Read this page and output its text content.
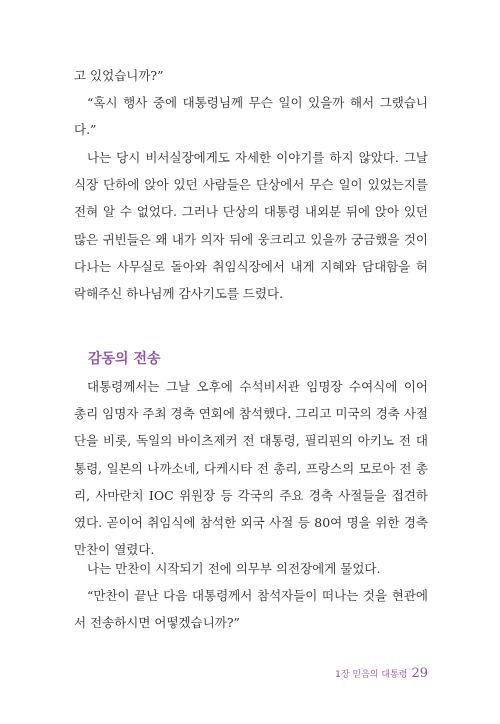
고 있었습니까?”

“혹시 행사 중에 대통령님께 무슨 일이 있을까 해서 그랬습니다.”

나는 당시 비서실장에게도 자세한 이야기를 하지 않았다. 그날 식장 단하에 앉아 있던 사람들은 단상에서 무슨 일이 있었는지를 전혀 알 수 없었다. 그러나 단상의 대통령 내외분 뒤에 앉아 있던 많은 귀빈들은 왜 내가 의자 뒤에 웅크리고 있을까 궁금했을 것이다.

나는 사무실로 돌아와 취임식장에서 내게 지혜와 담대함을 허락해주신 하나님께 감사기도를 드렸다.

감동의 전송

대통령께서는 그날 오후에 수석비서관 임명장 수여식에 이어 총리 임명자 주최 경축 연회에 참석했다. 그리고 미국의 경축 사절단을 비롯, 독일의 바이츠제커 전 대통령, 필리핀의 아키노 전 대통령, 일본의 나까소네, 다케시타 전 총리, 프랑스의 모로아 전 총리, 사마란치 IOC 위원장 등 각국의 주요 경축 사절들을 접견하였다. 곧이어 취임식에 참석한 외국 사절 등 80여 명을 위한 경축 만찬이 열렸다.

나는 만찬이 시작되기 전에 의무부 의전장에게 물었다.

“만찬이 끝난 다음 대통령께서 참석자들이 떠나는 것을 현관에서 전송하시면 어떻겠습니까?”

1장 믿음의 대통령 29
